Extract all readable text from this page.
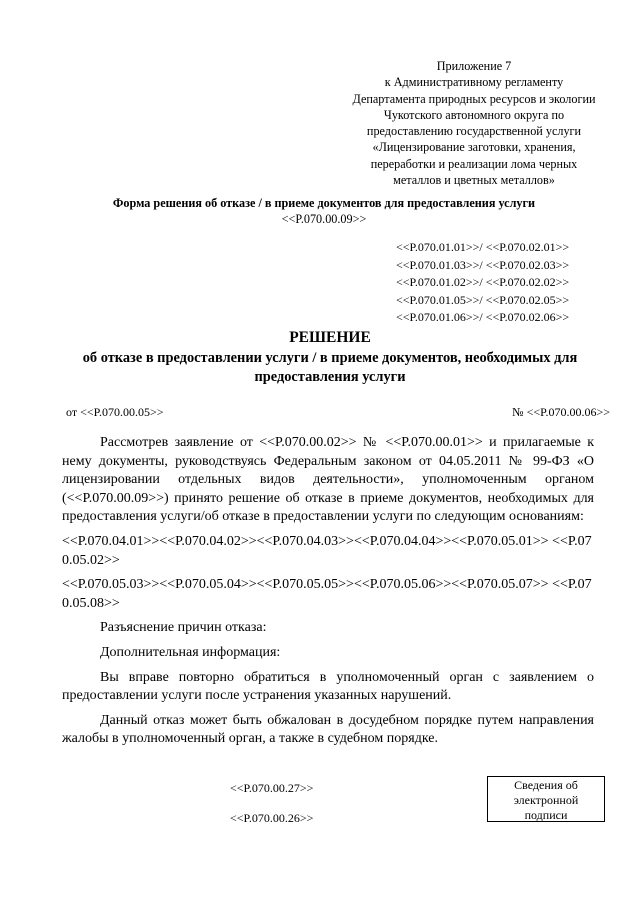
Приложение 7
к Административному регламенту
Департамента природных ресурсов и экологии
Чукотского автономного округа по
предоставлению государственной услуги
«Лицензирование заготовки, хранения,
переработки и реализации лома черных
металлов и цветных металлов»
Форма решения об отказе / в приеме документов для предоставления услуги
<<P.070.00.09>>
<<P.070.01.01>>/ <<P.070.02.01>>
<<P.070.01.03>>/ <<P.070.02.03>>
<<P.070.01.02>>/ <<P.070.02.02>>
<<P.070.01.05>>/ <<P.070.02.05>>
<<P.070.01.06>>/ <<P.070.02.06>>
РЕШЕНИЕ
об отказе в предоставлении услуги / в приеме документов, необходимых для предоставления услуги
от <<P.070.00.05>>	№ <<P.070.00.06>>

Рассмотрев заявление от <<P.070.00.02>> № <<P.070.00.01>> и прилагаемые к нему документы, руководствуясь Федеральным законом от 04.05.2011 № 99-ФЗ «О лицензировании отдельных видов деятельности», уполномоченным органом (<<P.070.00.09>>) принято решение об отказе в приеме документов, необходимых для предоставления услуги/об отказе в предоставлении услуги по следующим основаниям:

<<P.070.04.01>><<P.070.04.02>><<P.070.04.03>><<P.070.04.04>><<P.070.05.01>> <<P.070.05.02>>

<<P.070.05.03>><<P.070.05.04>><<P.070.05.05>><<P.070.05.06>><<P.070.05.07>> <<P.070.05.08>>

Разъяснение причин отказа:

Дополнительная информация:

Вы вправе повторно обратиться в уполномоченный орган с заявлением о предоставлении услуги после устранения указанных нарушений.

Данный отказ может быть обжалован в досудебном порядке путем направления жалобы в уполномоченный орган, а также в судебном порядке.

<<P.070.00.27>>
<<P.070.00.26>>
Сведения об
электронной
подписи
